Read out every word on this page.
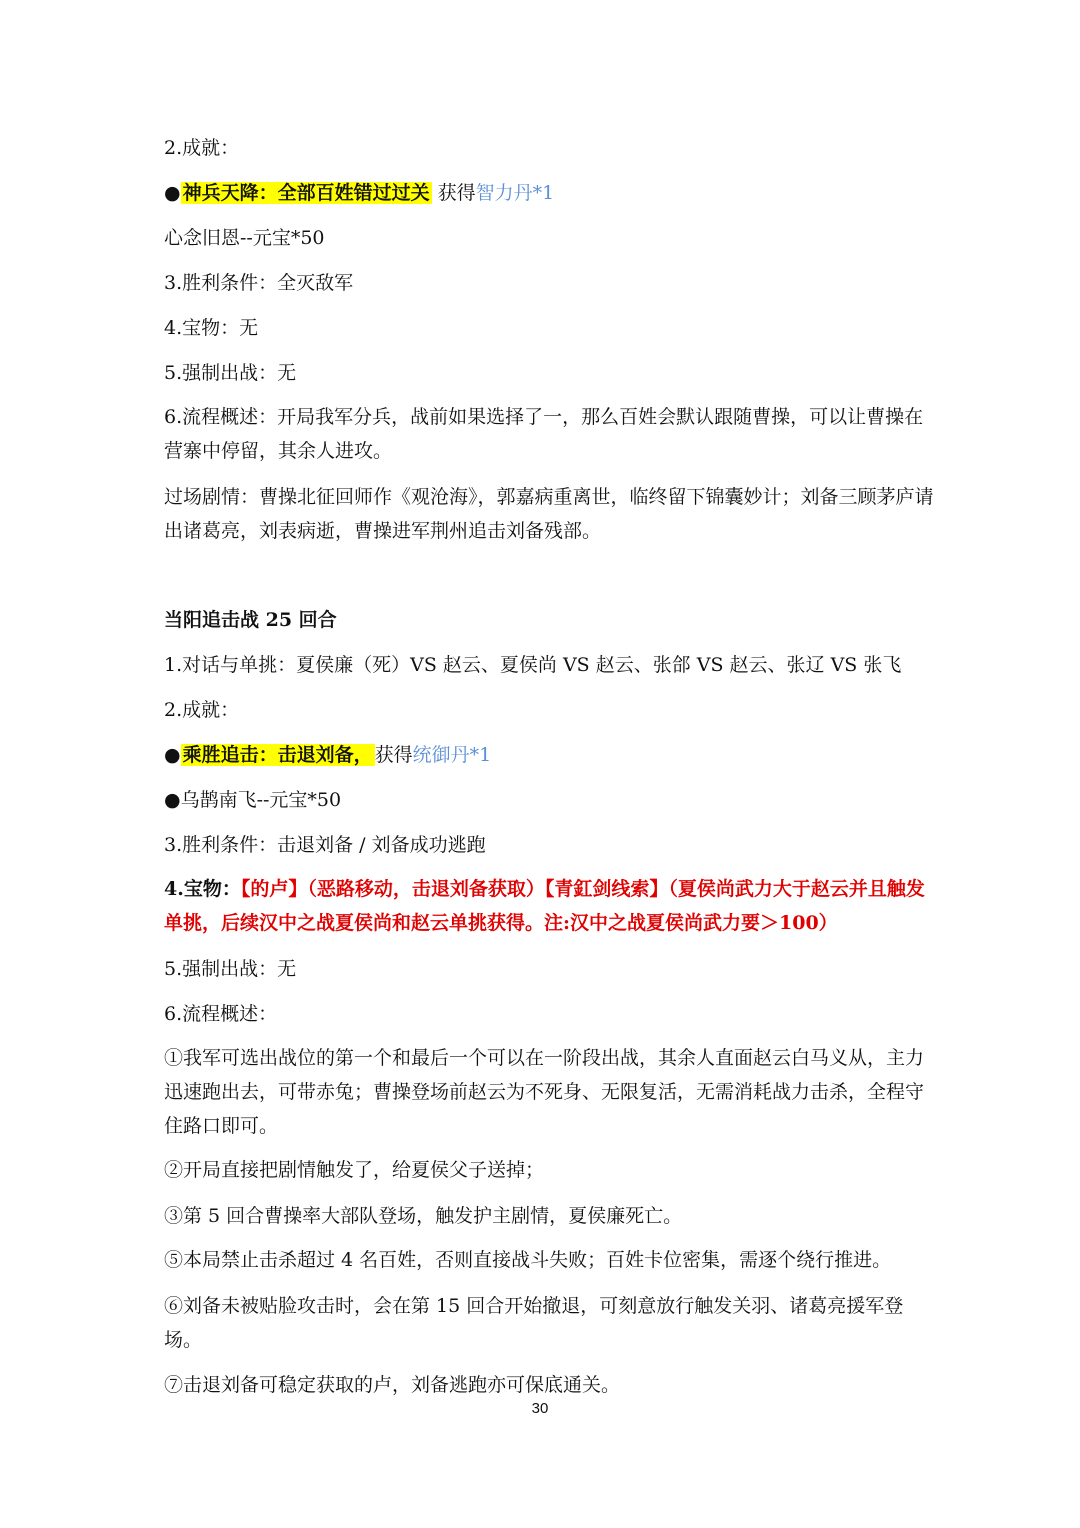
2.成就：
● 神兵天降：全部百姓错过过关 获得智力丹*1
心念旧恩--元宝*50
3.胜利条件：全灭敌军
4.宝物：无
5.强制出战：无
6.流程概述：开局我军分兵，战前如果选择了一，那么百姓会默认跟随曹操，可以让曹操在营寨中停留，其余人进攻。
过场剧情：曹操北征回师作《观沧海》，郭嘉病重离世，临终留下锦囊妙计；刘备三顾茅庐请出诸葛亮，刘表病逝，曹操进军荆州追击刘备残部。
当阳追击战 25 回合
1.对话与单挑：夏侯廉（死）VS 赵云、夏侯尚 VS 赵云、张郃 VS 赵云、张辽 VS 张飞
2.成就：
● 乘胜追击：击退刘备， 获得统御丹*1
●乌鹊南飞--元宝*50
3.胜利条件：击退刘备 / 刘备成功逃跑
4.宝物：【的卢】（恶路移动，击退刘备获取）【青釭剑线索】（夏侯尚武力大于赵云并且触发单挑，后续汉中之战夏侯尚和赵云单挑获得。注:汉中之战夏侯尚武力要＞100）
5.强制出战：无
6.流程概述：
①我军可选出战位的第一个和最后一个可以在一阶段出战，其余人直面赵云白马义从，主力迅速跑出去，可带赤兔；曹操登场前赵云为不死身、无限复活，无需消耗战力击杀，全程守住路口即可。
②开局直接把剧情触发了，给夏侯父子送掉；
③第 5 回合曹操率大部队登场，触发护主剧情，夏侯廉死亡。
⑤本局禁止击杀超过 4 名百姓，否则直接战斗失败；百姓卡位密集，需逐个绕行推进。
⑥刘备未被贴脸攻击时，会在第 15 回合开始撤退，可刻意放行触发关羽、诸葛亮援军登场。
⑦击退刘备可稳定获取的卢，刘备逃跑亦可保底通关。
30
